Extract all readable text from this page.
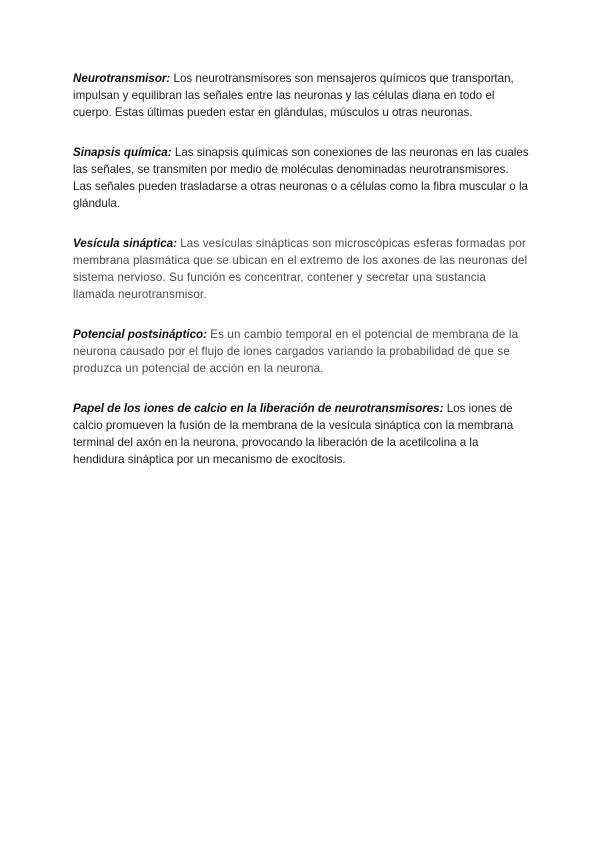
Neurotransmisor: Los neurotransmisores son mensajeros químicos que transportan, impulsan y equilibran las señales entre las neuronas y las células diana en todo el cuerpo. Estas últimas pueden estar en glándulas, músculos u otras neuronas.

Sinapsis química: Las sinapsis químicas son conexiones de las neuronas en las cuales las señales, se transmiten por medio de moléculas denominadas neurotransmisores. Las señales pueden trasladarse a otras neuronas o a células como la fibra muscular o la glándula.

Vesícula sináptica: Las vesículas sinápticas son microscópicas esferas formadas por membrana plasmática que se ubican en el extremo de los axones de las neuronas del sistema nervioso. Su función es concentrar, contener y secretar una sustancia llamada neurotransmisor.

Potencial postsináptico: Es un cambio temporal en el potencial de membrana de la neurona causado por el flujo de iones cargados variando la probabilidad de que se produzca un potencial de acción en la neurona.

Papel de los iones de calcio en la liberación de neurotransmisores: Los iones de calcio promueven la fusión de la membrana de la vesícula sináptica con la membrana terminal del axón en la neurona, provocando la liberación de la acetilcolina a la hendidura sináptica por un mecanismo de exocitosis.
